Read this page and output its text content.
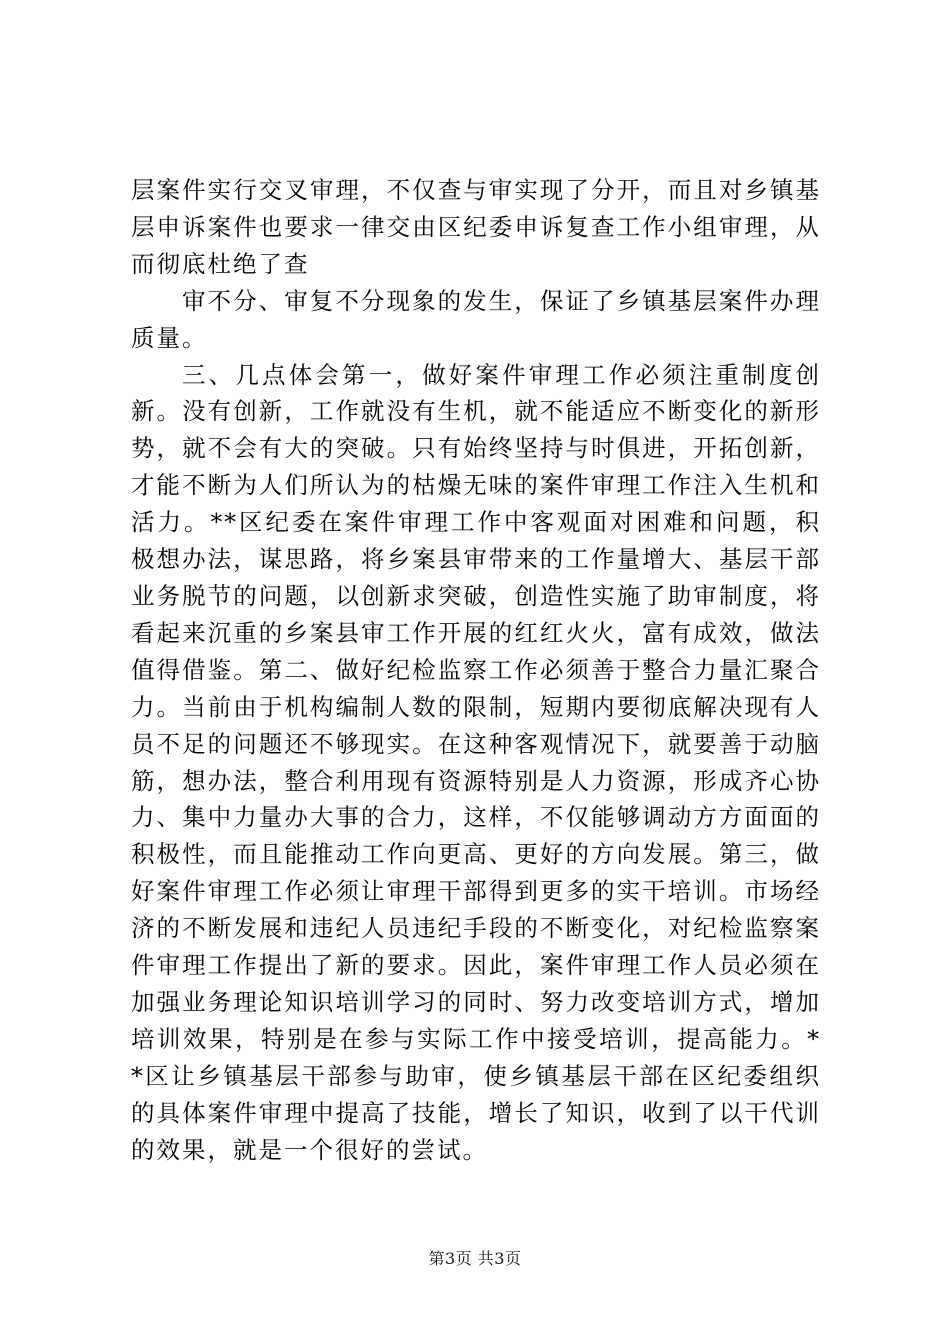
层案件实行交叉审理，不仅查与审实现了分开，而且对乡镇基层申诉案件也要求一律交由区纪委申诉复查工作小组审理，从而彻底杜绝了查

审不分、审复不分现象的发生，保证了乡镇基层案件办理质量。

三、几点体会第一，做好案件审理工作必须注重制度创新。没有创新，工作就没有生机，就不能适应不断变化的新形势，就不会有大的突破。只有始终坚持与时俱进，开拓创新，才能不断为人们所认为的枯燥无味的案件审理工作注入生机和活力。**区纪委在案件审理工作中客观面对困难和问题，积极想办法，谋思路，将乡案县审带来的工作量增大、基层干部业务脱节的问题，以创新求突破，创造性实施了助审制度，将看起来沉重的乡案县审工作开展的红红火火，富有成效，做法值得借鉴。第二、做好纪检监察工作必须善于整合力量汇聚合力。当前由于机构编制人数的限制，短期内要彻底解决现有人员不足的问题还不够现实。在这种客观情况下，就要善于动脑筋，想办法，整合利用现有资源特别是人力资源，形成齐心协力、集中力量办大事的合力，这样，不仅能够调动方方面面的积极性，而且能推动工作向更高、更好的方向发展。第三，做好案件审理工作必须让审理干部得到更多的实干培训。市场经济的不断发展和违纪人员违纪手段的不断变化，对纪检监察案件审理工作提出了新的要求。因此，案件审理工作人员必须在加强业务理论知识培训学习的同时、努力改变培训方式，增加培训效果，特别是在参与实际工作中接受培训，提高能力。**区让乡镇基层干部参与助审，使乡镇基层干部在区纪委组织的具体案件审理中提高了技能，增长了知识，收到了以干代训的效果，就是一个很好的尝试。

第3页 共3页
